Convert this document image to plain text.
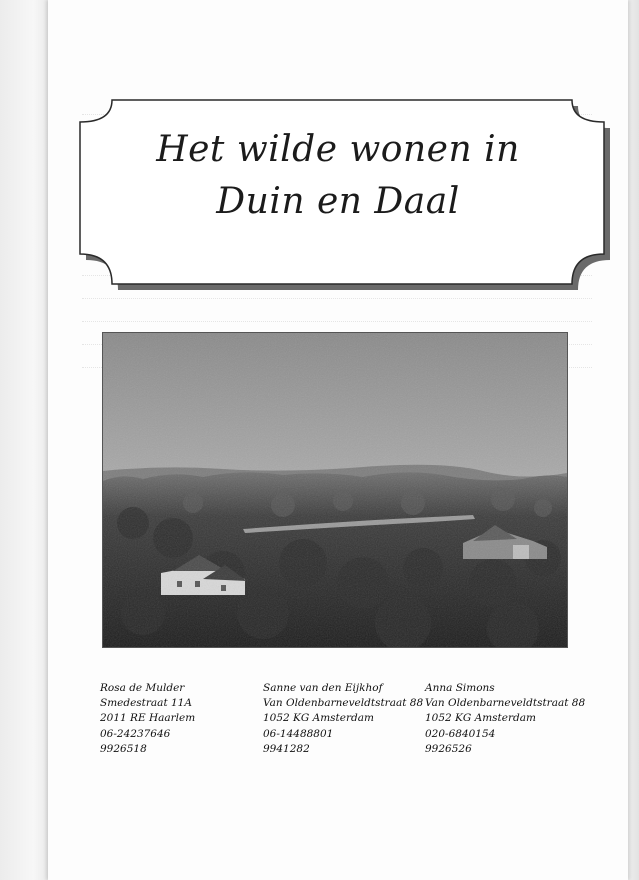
Het wilde wonen in
Duin en Daal
Rosa de Mulder
Smedestraat 11A
2011 RE Haarlem
06-24237646
9926518
Sanne van den Eijkhof
Van Oldenbarneveldtstraat 88
1052 KG Amsterdam
06-14488801
9941282
Anna Simons
Van Oldenbarneveldtstraat 88
1052 KG Amsterdam
020-6840154
9926526
